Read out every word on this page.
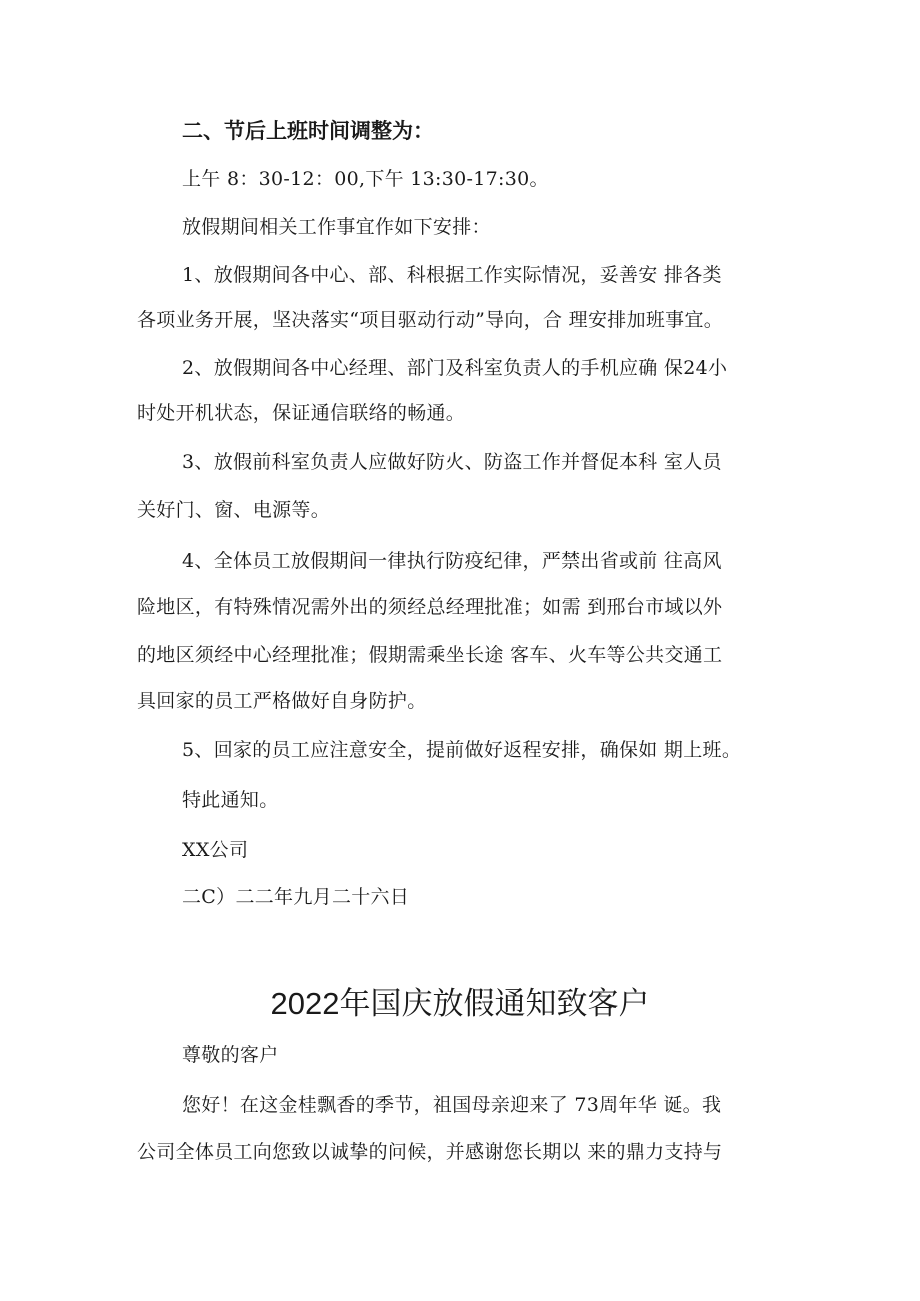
二、节后上班时间调整为：
上午 8：30-12：00,下午 13:30-17:30。
放假期间相关工作事宜作如下安排：
1、放假期间各中心、部、科根据工作实际情况，妥善安 排各类
各项业务开展，坚决落实“项目驱动行动”导向，合 理安排加班事宜。
2、放假期间各中心经理、部门及科室负责人的手机应确 保24小
时处开机状态，保证通信联络的畅通。
3、放假前科室负责人应做好防火、防盗工作并督促本科 室人员
关好门、窗、电源等。
4、全体员工放假期间一律执行防疫纪律，严禁出省或前 往高风
险地区，有特殊情况需外出的须经总经理批准；如需 到邢台市域以外
的地区须经中心经理批准；假期需乘坐长途 客车、火车等公共交通工
具回家的员工严格做好自身防护。
5、回家的员工应注意安全，提前做好返程安排，确保如 期上班。
特此通知。
XX公司
二C）二二年九月二十六日
2022年国庆放假通知致客户
尊敬的客户
您好！在这金桂飘香的季节，祖国母亲迎来了 73周年华 诞。我
公司全体员工向您致以诚挚的问候，并感谢您长期以 来的鼎力支持与
